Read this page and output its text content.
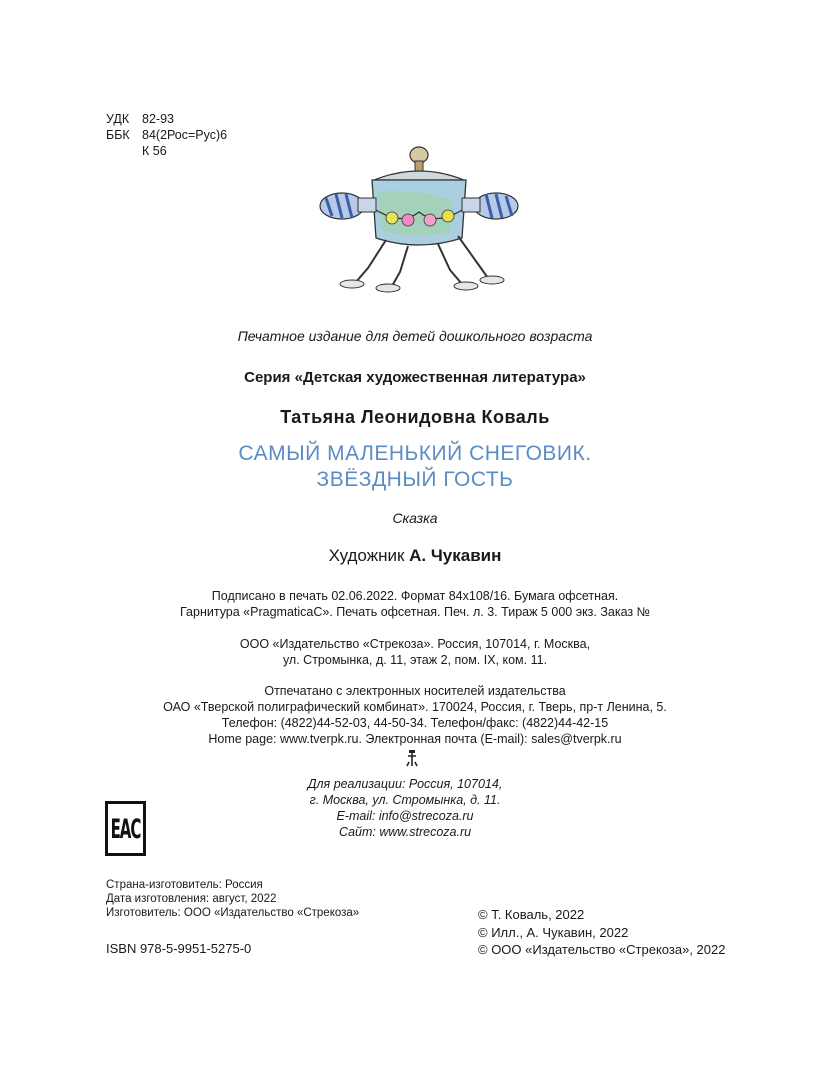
УДК	82-93
ББК 84(2Рос=Рус)6
К 56
Печатное издание для детей дошкольного возраста
Серия «Детская художественная литература»
Татьяна Леонидовна Коваль
САМЫЙ МАЛЕНЬКИЙ СНЕГОВИК.
ЗВЁЗДНЫЙ ГОСТЬ
Сказка
Художник А. Чукавин
Подписано в печать 02.06.2022. Формат 84x108/16. Бумага офсетная.
Гарнитура «PragmaticaC». Печать офсетная. Печ. л. 3. Тираж 5 000 экз. Заказ №
ООО «Издательство «Стрекоза». Россия, 107014, г. Москва,
ул. Стромынка, д. 11, этаж 2, пом. IX, ком. 11.
Отпечатано с электронных носителей издательства
ОАО «Тверской полиграфический комбинат». 170024, Россия, г. Тверь, пр-т Ленина, 5.
Телефон: (4822)44-52-03, 44-50-34. Телефон/факс: (4822)44-42-15
Home page: www.tverpk.ru. Электронная почта (E-mail): sales@tverpk.ru
Для реализации: Россия, 107014,
г. Москва, ул. Стромынка, д. 11.
E-mail: info@strecoza.ru
Сайт: www.strecoza.ru
ЕАС
Страна-изготовитель: Россия
Дата изготовления: август, 2022
Изготовитель: ООО «Издательство «Стрекоза»
ISBN 978-5-9951-5275-0
© Т. Коваль, 2022
© Илл., А. Чукавин, 2022
© ООО «Издательство «Стрекоза», 2022
